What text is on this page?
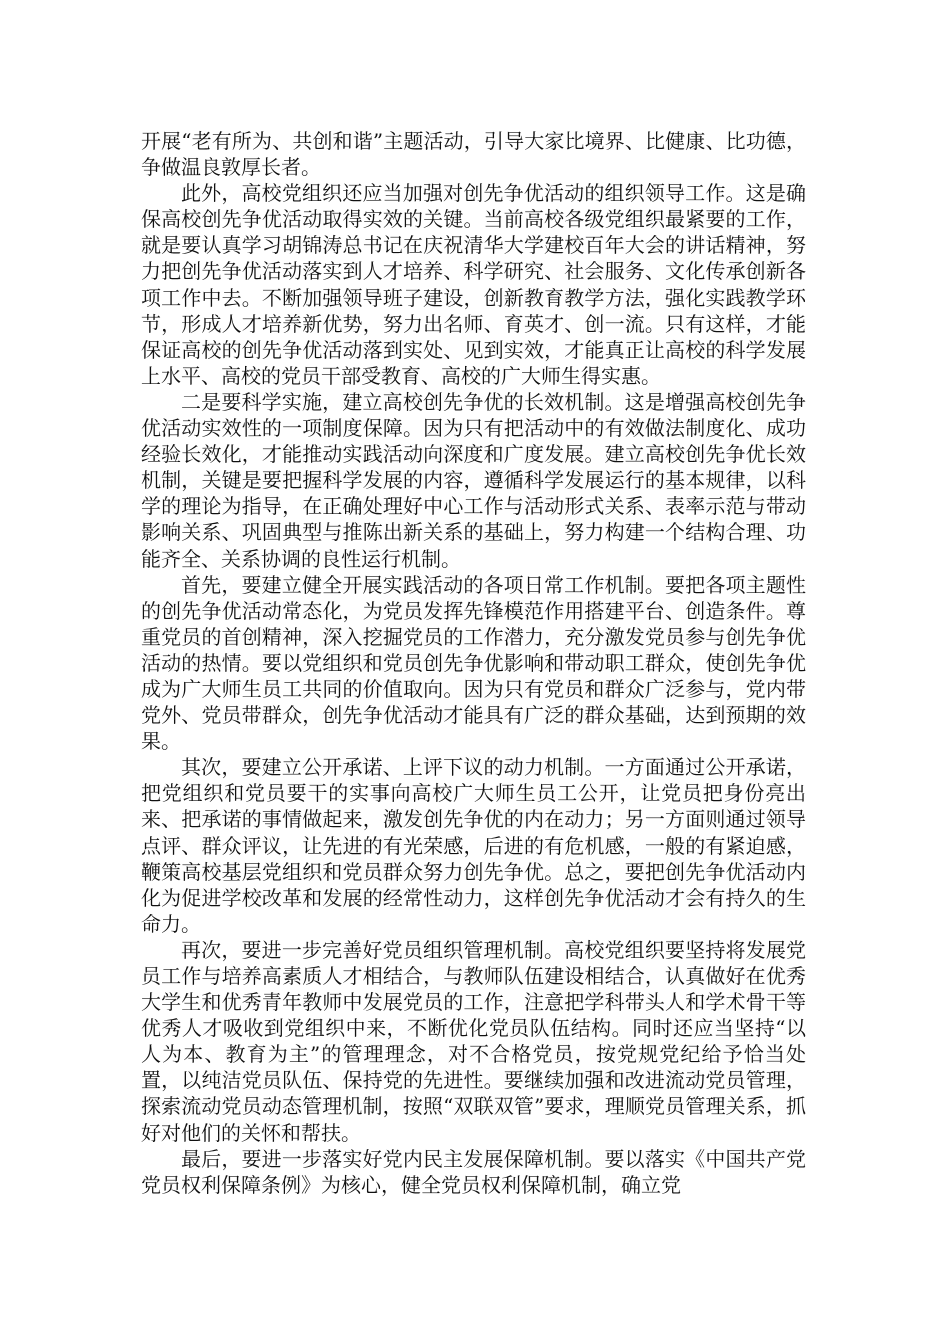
开展“老有所为、共创和谐”主题活动，引导大家比境界、比健康、比功德，争做温良敦厚长者。

此外，高校党组织还应当加强对创先争优活动的组织领导工作。这是确保高校创先争优活动取得实效的关键。当前高校各级党组织最紧要的工作，就是要认真学习胡锦涛总书记在庆祝清华大学建校百年大会的讲话精神，努力把创先争优活动落实到人才培养、科学研究、社会服务、文化传承创新各项工作中去。不断加强领导班子建设，创新教育教学方法，强化实践教学环节，形成人才培养新优势，努力出名师、育英才、创一流。只有这样，才能保证高校的创先争优活动落到实处、见到实效，才能真正让高校的科学发展上水平、高校的党员干部受教育、高校的广大师生得实惠。

二是要科学实施，建立高校创先争优的长效机制。这是增强高校创先争优活动实效性的一项制度保障。因为只有把活动中的有效做法制度化、成功经验长效化，才能推动实践活动向深度和广度发展。建立高校创先争优长效机制，关键是要把握科学发展的内容，遵循科学发展运行的基本规律，以科学的理论为指导，在正确处理好中心工作与活动形式关系、表率示范与带动影响关系、巩固典型与推陈出新关系的基础上，努力构建一个结构合理、功能齐全、关系协调的良性运行机制。

首先，要建立健全开展实践活动的各项日常工作机制。要把各项主题性的创先争优活动常态化，为党员发挥先锋模范作用搭建平台、创造条件。尊重党员的首创精神，深入挖掘党员的工作潜力，充分激发党员参与创先争优活动的热情。要以党组织和党员创先争优影响和带动职工群众，使创先争优成为广大师生员工共同的价值取向。因为只有党员和群众广泛参与，党内带党外、党员带群众，创先争优活动才能具有广泛的群众基础，达到预期的效果。

其次，要建立公开承诺、上评下议的动力机制。一方面通过公开承诺，把党组织和党员要干的实事向高校广大师生员工公开，让党员把身份亮出来、把承诺的事情做起来，激发创先争优的内在动力；另一方面则通过领导点评、群众评议，让先进的有光荣感，后进的有危机感，一般的有紧迫感，鞭策高校基层党组织和党员群众努力创先争优。总之，要把创先争优活动内化为促进学校改革和发展的经常性动力，这样创先争优活动才会有持久的生命力。

再次，要进一步完善好党员组织管理机制。高校党组织要坚持将发展党员工作与培养高素质人才相结合，与教师队伍建设相结合，认真做好在优秀大学生和优秀青年教师中发展党员的工作，注意把学科带头人和学术骨干等优秀人才吸收到党组织中来，不断优化党员队伍结构。同时还应当坚持“以人为本、教育为主”的管理理念，对不合格党员，按党规党纪给予恰当处置，以纯洁党员队伍、保持党的先进性。要继续加强和改进流动党员管理，探索流动党员动态管理机制，按照“双联双管”要求，理顺党员管理关系，抓好对他们的关怀和帮扶。

最后，要进一步落实好党内民主发展保障机制。要以落实《中国共产党党员权利保障条例》为核心，健全党员权利保障机制，确立党
